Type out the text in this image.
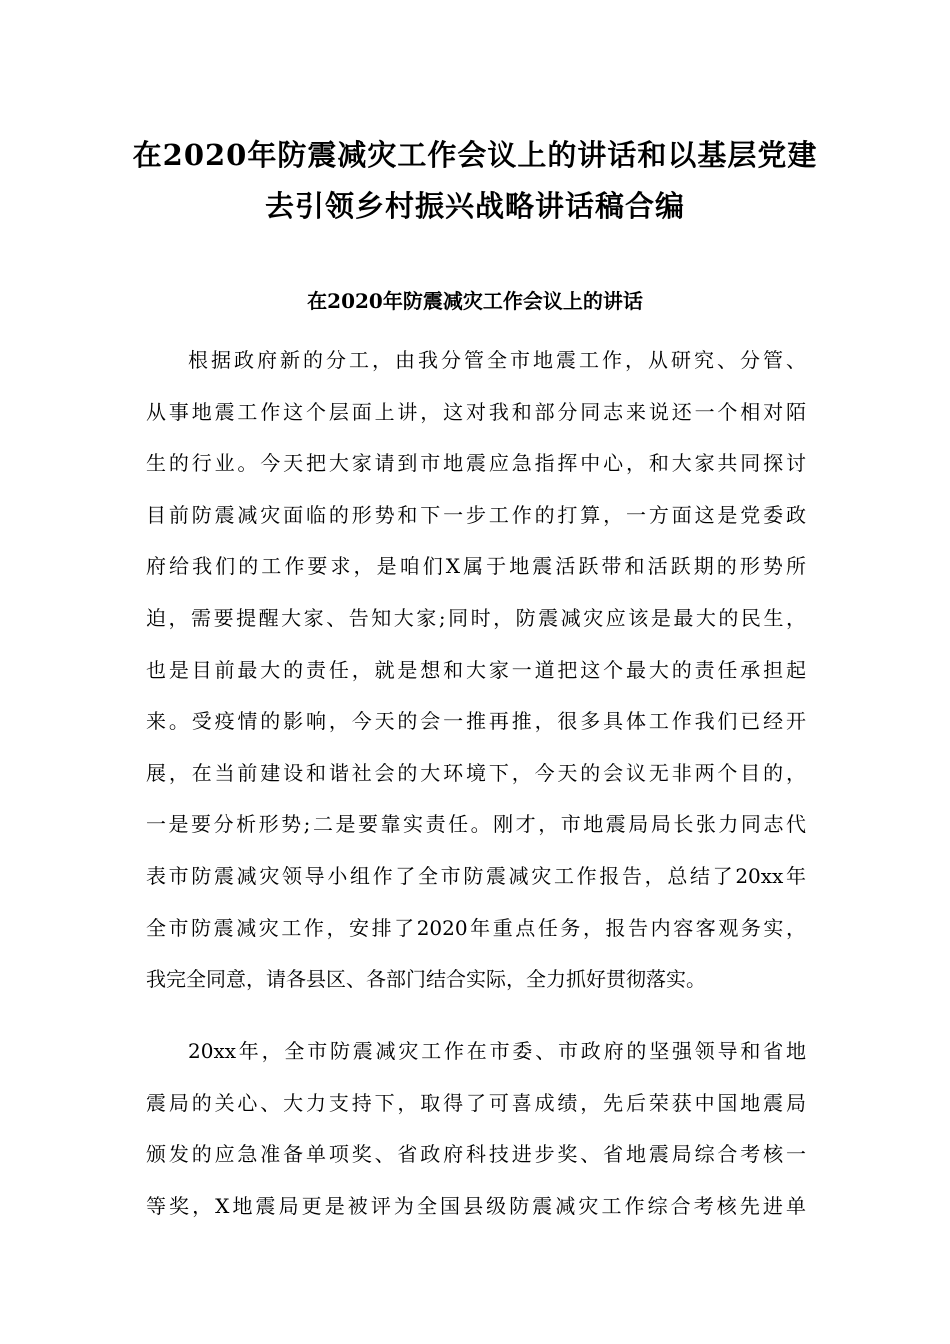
在2020年防震减灾工作会议上的讲话和以基层党建
去引领乡村振兴战略讲话稿合编
在2020年防震减灾工作会议上的讲话
根据政府新的分工，由我分管全市地震工作，从研究、分管、
从事地震工作这个层面上讲，这对我和部分同志来说还一个相对陌
生的行业。今天把大家请到市地震应急指挥中心，和大家共同探讨
目前防震减灾面临的形势和下一步工作的打算，一方面这是党委政
府给我们的工作要求，是咱们X属于地震活跃带和活跃期的形势所
迫，需要提醒大家、告知大家;同时，防震减灾应该是最大的民生，
也是目前最大的责任，就是想和大家一道把这个最大的责任承担起
来。受疫情的影响，今天的会一推再推，很多具体工作我们已经开
展，在当前建设和谐社会的大环境下，今天的会议无非两个目的，
一是要分析形势;二是要靠实责任。刚才，市地震局局长张力同志代
表市防震减灾领导小组作了全市防震减灾工作报告，总结了20xx年
全市防震减灾工作，安排了2020年重点任务，报告内容客观务实，
我完全同意，请各县区、各部门结合实际，全力抓好贯彻落实。
20xx年，全市防震减灾工作在市委、市政府的坚强领导和省地
震局的关心、大力支持下，取得了可喜成绩，先后荣获中国地震局
颁发的应急准备单项奖、省政府科技进步奖、省地震局综合考核一
等奖，X地震局更是被评为全国县级防震减灾工作综合考核先进单
